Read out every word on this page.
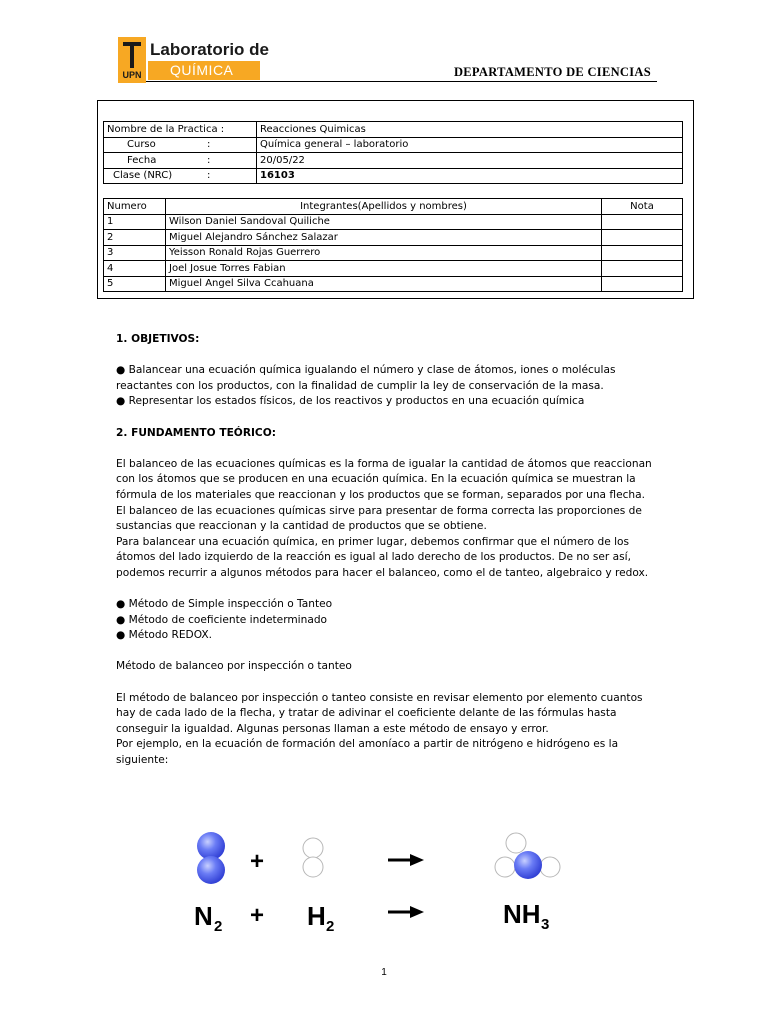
UPN
Laboratorio de
QUÍMICA	DEPARTAMENTO DE CIENCIAS
Nombre de la Practica :	Reacciones Quimicas
Curso :	Química general – laboratorio
Fecha :	20/05/22
Clase (NRC) :	16103
Numero	Integrantes(Apellidos y nombres)	Nota
1	Wilson Daniel Sandoval Quiliche	
2	Miguel Alejandro Sánchez Salazar	
3	Yeisson Ronald Rojas Guerrero	
4	Joel Josue Torres Fabian	
5	Miguel Angel Silva Ccahuana	

1. OBJETIVOS:

● Balancear una ecuación química igualando el número y clase de átomos, iones o moléculas reactantes con los productos, con la finalidad de cumplir la ley de conservación de la masa.

● Representar los estados físicos, de los reactivos y productos en una ecuación química

2. FUNDAMENTO TEÓRICO:

El balanceo de las ecuaciones químicas es la forma de igualar la cantidad de átomos que reaccionan con los átomos que se producen en una ecuación química. En la ecuación química se muestran la fórmula de los materiales que reaccionan y los productos que se forman, separados por una flecha.

El balanceo de las ecuaciones químicas sirve para presentar de forma correcta las proporciones de sustancias que reaccionan y la cantidad de productos que se obtiene.

Para balancear una ecuación química, en primer lugar, debemos confirmar que el número de los átomos del lado izquierdo de la reacción es igual al lado derecho de los productos. De no ser así, podemos recurrir a algunos métodos para hacer el balanceo, como el de tanteo, algebraico y redox.

● Método de Simple inspección o Tanteo

● Método de coeficiente indeterminado

● Método REDOX.

Método de balanceo por inspección o tanteo

El método de balanceo por inspección o tanteo consiste en revisar elemento por elemento cuantos hay de cada lado de la flecha, y tratar de adivinar el coeficiente delante de las fórmulas hasta conseguir la igualdad. Algunas personas llaman a este método de ensayo y error.

Por ejemplo, en la ecuación de formación del amoníaco a partir de nitrógeno e hidrógeno es la siguiente:

+
N 2 + H 2	NH 3
1
